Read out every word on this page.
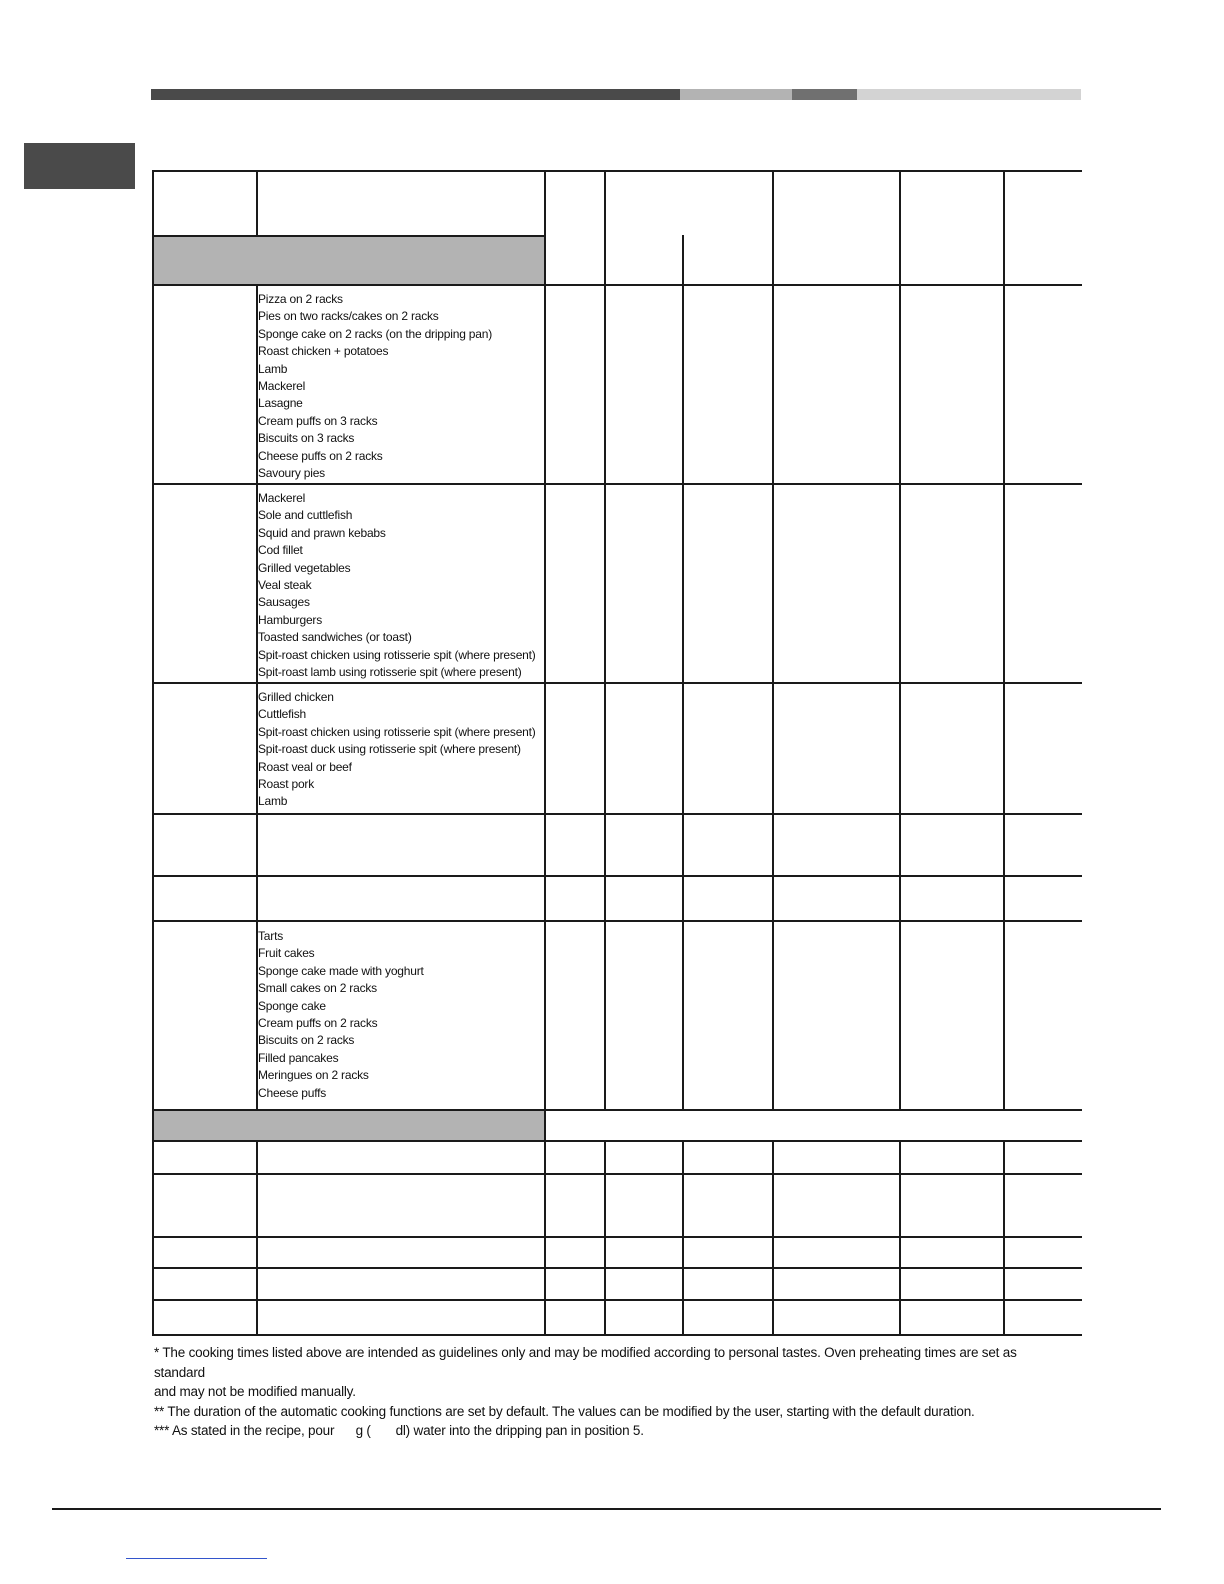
Pizza on 2 racks
Pies on two racks/cakes on 2 racks
Sponge cake on 2 racks (on the dripping pan)
Roast chicken + potatoes
Lamb
Mackerel
Lasagne
Cream puffs on 3 racks
Biscuits on 3 racks
Cheese puffs on 2 racks
Savoury pies
Mackerel
Sole and cuttlefish
Squid and prawn kebabs
Cod fillet
Grilled vegetables
Veal steak
Sausages
Hamburgers
Toasted sandwiches (or toast)
Spit-roast chicken using rotisserie spit (where present)
Spit-roast lamb using rotisserie spit (where present)
Grilled chicken
Cuttlefish
Spit-roast chicken using rotisserie spit (where present)
Spit-roast duck using rotisserie spit (where present)
Roast veal or beef
Roast pork
Lamb
Tarts
Fruit cakes
Sponge cake made with yoghurt
Small cakes on 2 racks
Sponge cake
Cream puffs on 2 racks
Biscuits on 2 racks
Filled pancakes
Meringues on 2 racks
Cheese puffs

* The cooking times listed above are intended as guidelines only and may be modified according to personal tastes. Oven preheating times are set as standard

and may not be modified manually.

** The duration of the automatic cooking functions are set by default. The values can be modified by the user, starting with the default duration.

*** As stated in the recipe, pour      g (       dl) water into the dripping pan in position 5.
